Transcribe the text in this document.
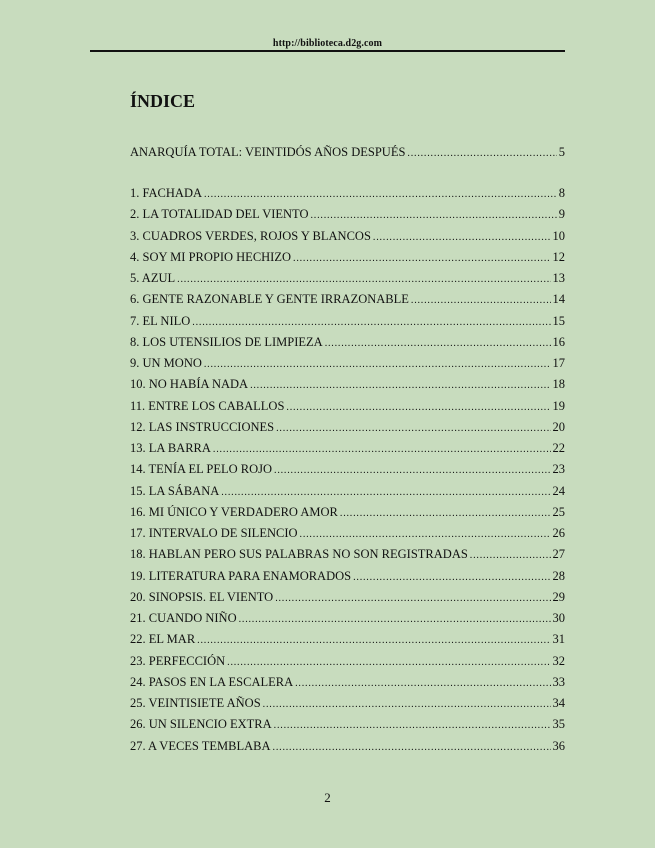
http://biblioteca.d2g.com
ÍNDICE
ANARQUÍA TOTAL: VEINTIDÓS AÑOS DESPUÉS .....	5
1. FACHADA .....	8
2. LA TOTALIDAD DEL VIENTO .....	9
3. CUADROS VERDES, ROJOS Y BLANCOS .....	10
4. SOY MI PROPIO HECHIZO .....	12
5. AZUL .....	13
6. GENTE RAZONABLE Y GENTE IRRAZONABLE .....	14
7. EL NILO .....	15
8. LOS UTENSILIOS DE LIMPIEZA .....	16
9. UN MONO .....	17
10. NO HABÍA NADA .....	18
11. ENTRE LOS CABALLOS .....	19
12. LAS INSTRUCCIONES .....	20
13. LA BARRA .....	22
14. TENÍA EL PELO ROJO .....	23
15. LA SÁBANA .....	24
16. MI ÚNICO Y VERDADERO AMOR .....	25
17. INTERVALO DE SILENCIO .....	26
18. HABLAN PERO SUS PALABRAS NO SON REGISTRADAS .....	27
19. LITERATURA PARA ENAMORADOS .....	28
20. SINOPSIS. EL VIENTO .....	29
21. CUANDO NIÑO .....	30
22. EL MAR .....	31
23. PERFECCIÓN .....	32
24. PASOS EN LA ESCALERA .....	33
25. VEINTISIETE AÑOS .....	34
26. UN SILENCIO EXTRA .....	35
27. A VECES TEMBLABA .....	36
2
